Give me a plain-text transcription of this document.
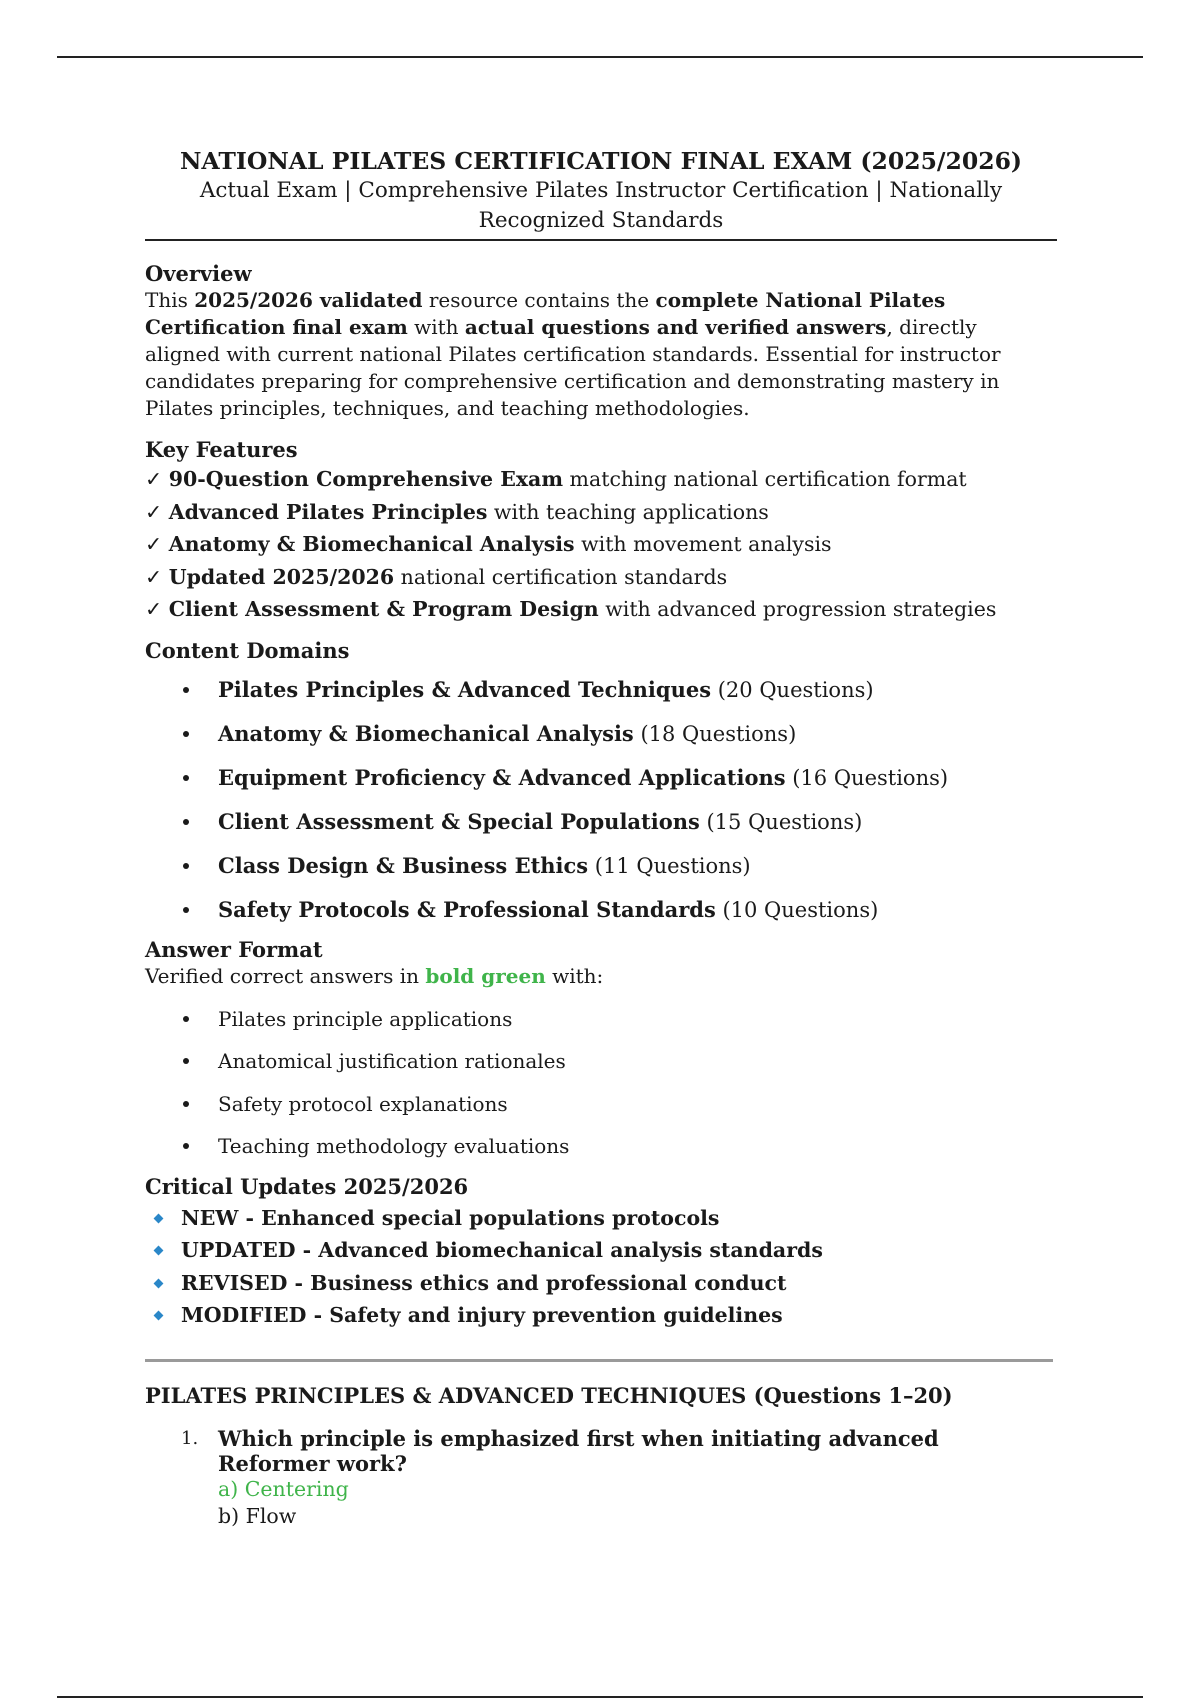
NATIONAL PILATES CERTIFICATION FINAL EXAM (2025/2026)
Actual Exam | Comprehensive Pilates Instructor Certification | Nationally
Recognized Standards
Overview

This 2025/2026 validated resource contains the complete National Pilates Certification final exam with actual questions and verified answers, directly aligned with current national Pilates certification standards. Essential for instructor candidates preparing for comprehensive certification and demonstrating mastery in Pilates principles, techniques, and teaching methodologies.

Key Features
✓ 90-Question Comprehensive Exam matching national certification format
✓ Advanced Pilates Principles with teaching applications
✓ Anatomy & Biomechanical Analysis with movement analysis
✓ Updated 2025/2026 national certification standards
✓ Client Assessment & Program Design with advanced progression strategies
Content Domains
Pilates Principles & Advanced Techniques (20 Questions)
Anatomy & Biomechanical Analysis (18 Questions)
Equipment Proficiency & Advanced Applications (16 Questions)
Client Assessment & Special Populations (15 Questions)
Class Design & Business Ethics (11 Questions)
Safety Protocols & Professional Standards (10 Questions)
Answer Format

Verified correct answers in bold green with:

Pilates principle applications
Anatomical justification rationales
Safety protocol explanations
Teaching methodology evaluations
Critical Updates 2025/2026
NEW - Enhanced special populations protocols
UPDATED - Advanced biomechanical analysis standards
REVISED - Business ethics and professional conduct
MODIFIED - Safety and injury prevention guidelines
PILATES PRINCIPLES & ADVANCED TECHNIQUES (Questions 1–20)
1. Which principle is emphasized first when initiating advanced Reformer work?
a) Centering
b) Flow
